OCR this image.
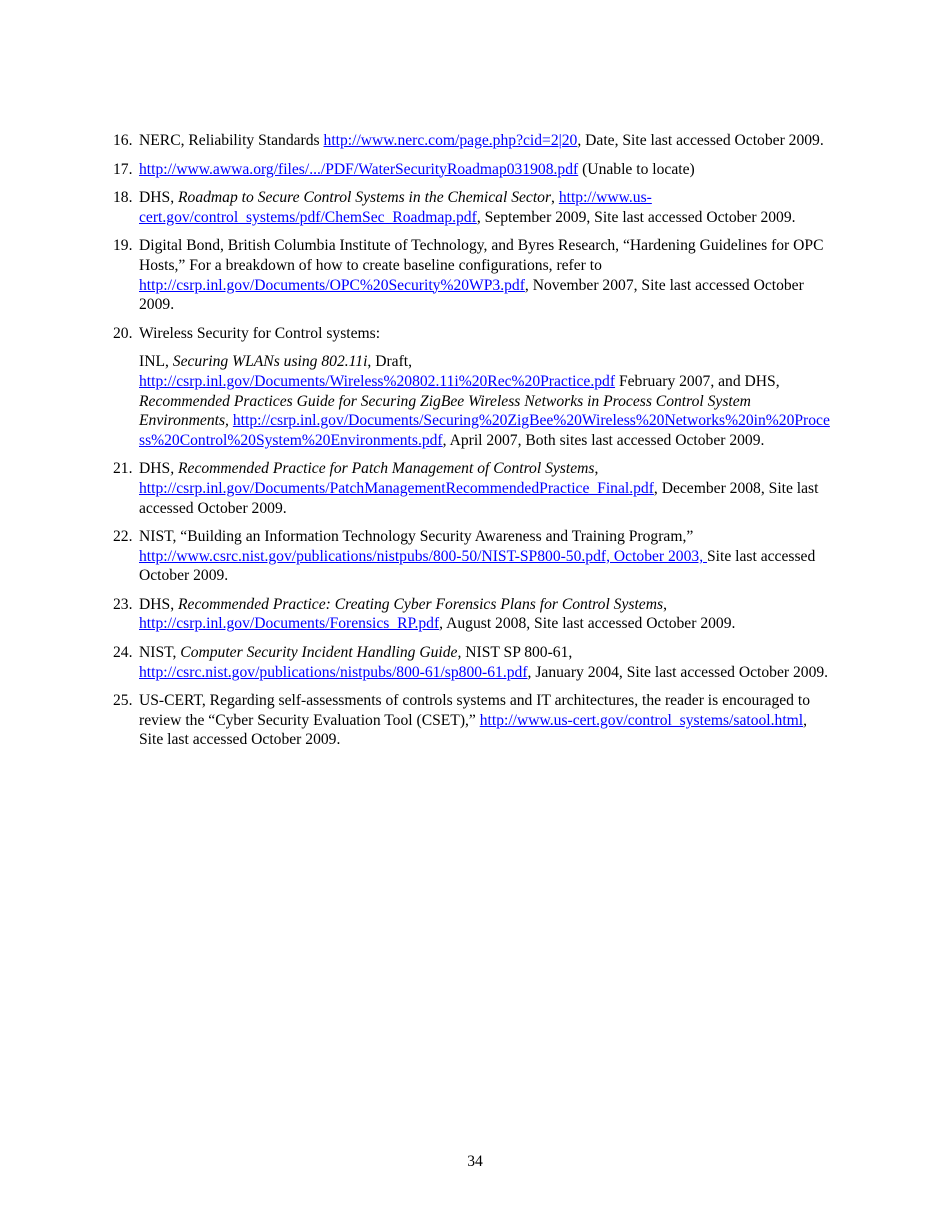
16. NERC, Reliability Standards http://www.nerc.com/page.php?cid=2|20, Date, Site last accessed October 2009.
17. http://www.awwa.org/files/.../PDF/WaterSecurityRoadmap031908.pdf (Unable to locate)
18. DHS, Roadmap to Secure Control Systems in the Chemical Sector, http://www.us-cert.gov/control_systems/pdf/ChemSec_Roadmap.pdf, September 2009, Site last accessed October 2009.
19. Digital Bond, British Columbia Institute of Technology, and Byres Research, “Hardening Guidelines for OPC Hosts,” For a breakdown of how to create baseline configurations, refer to http://csrp.inl.gov/Documents/OPC%20Security%20WP3.pdf, November 2007, Site last accessed October 2009.
20. Wireless Security for Control systems:
INL, Securing WLANs using 802.11i, Draft, http://csrp.inl.gov/Documents/Wireless%20802.11i%20Rec%20Practice.pdf February 2007, and DHS, Recommended Practices Guide for Securing ZigBee Wireless Networks in Process Control System Environments, http://csrp.inl.gov/Documents/Securing%20ZigBee%20Wireless%20Networks%20in%20Process%20Control%20System%20Environments.pdf, April 2007, Both sites last accessed October 2009.
21. DHS, Recommended Practice for Patch Management of Control Systems, http://csrp.inl.gov/Documents/PatchManagementRecommendedPractice_Final.pdf, December 2008, Site last accessed October 2009.
22. NIST, “Building an Information Technology Security Awareness and Training Program,” http://www.csrc.nist.gov/publications/nistpubs/800-50/NIST-SP800-50.pdf, October 2003, Site last accessed October 2009.
23. DHS, Recommended Practice: Creating Cyber Forensics Plans for Control Systems, http://csrp.inl.gov/Documents/Forensics_RP.pdf, August 2008, Site last accessed October 2009.
24. NIST, Computer Security Incident Handling Guide, NIST SP 800-61, http://csrc.nist.gov/publications/nistpubs/800-61/sp800-61.pdf, January 2004, Site last accessed October 2009.
25. US-CERT, Regarding self-assessments of controls systems and IT architectures, the reader is encouraged to review the “Cyber Security Evaluation Tool (CSET),” http://www.us-cert.gov/control_systems/satool.html, Site last accessed October 2009.
34
